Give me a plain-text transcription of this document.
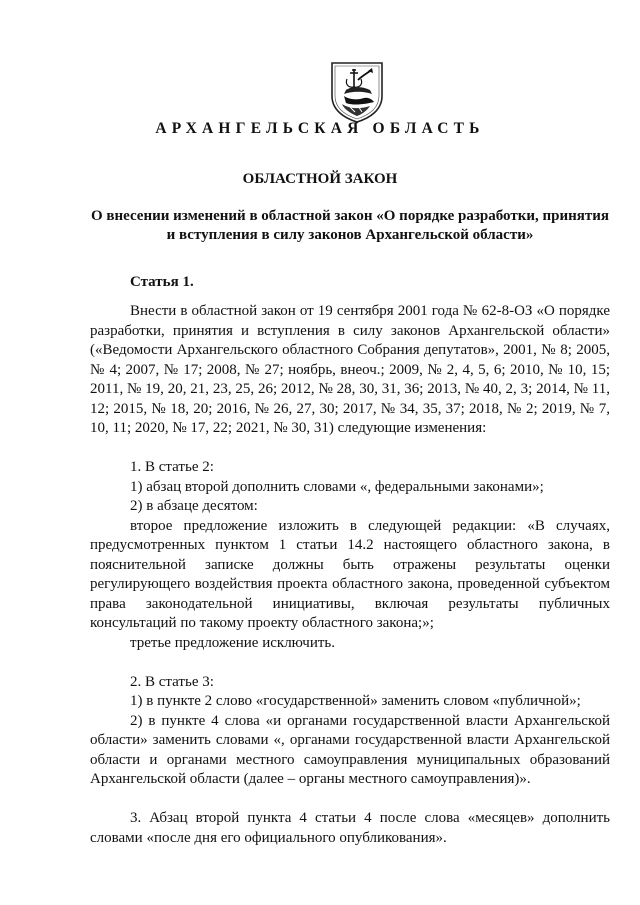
АРХАНГЕЛЬСКАЯ ОБЛАСТЬ
ОБЛАСТНОЙ ЗАКОН
О внесении изменений в областной закон «О порядке разработки, принятия и вступления в силу законов Архангельской области»
Статья 1.

Внести в областной закон от 19 сентября 2001 года № 62-8-ОЗ «О порядке разработки, принятия и вступления в силу законов Архангельской области» («Ведомости Архангельского областного Собрания депутатов», 2001, № 8; 2005, № 4; 2007, № 17; 2008, № 27; ноябрь, внеоч.; 2009, № 2, 4, 5, 6; 2010, № 10, 15; 2011, № 19, 20, 21, 23, 25, 26; 2012, № 28, 30, 31, 36; 2013, № 40, 2, 3; 2014, № 11, 12; 2015, № 18, 20; 2016, № 26, 27, 30; 2017, № 34, 35, 37; 2018, № 2; 2019, № 7, 10, 11; 2020, № 17, 22; 2021, № 30, 31) следующие изменения:

1. В статье 2:

1) абзац второй дополнить словами «, федеральными законами»;

2) в абзаце десятом:

второе предложение изложить в следующей редакции: «В случаях, предусмотренных пунктом 1 статьи 14.2 настоящего областного закона, в пояснительной записке должны быть отражены результаты оценки регулирующего воздействия проекта областного закона, проведенной субъектом права законодательной инициативы, включая результаты публичных консультаций по такому проекту областного закона;»;

третье предложение исключить.

2. В статье 3:

1) в пункте 2 слово «государственной» заменить словом «публичной»;

2) в пункте 4 слова «и органами государственной власти Архангельской области» заменить словами «, органами государственной власти Архангельской области и органами местного самоуправления муниципальных образований Архангельской области (далее – органы местного самоуправления)».

3. Абзац второй пункта 4 статьи 4 после слова «месяцев» дополнить словами «после дня его официального опубликования».
